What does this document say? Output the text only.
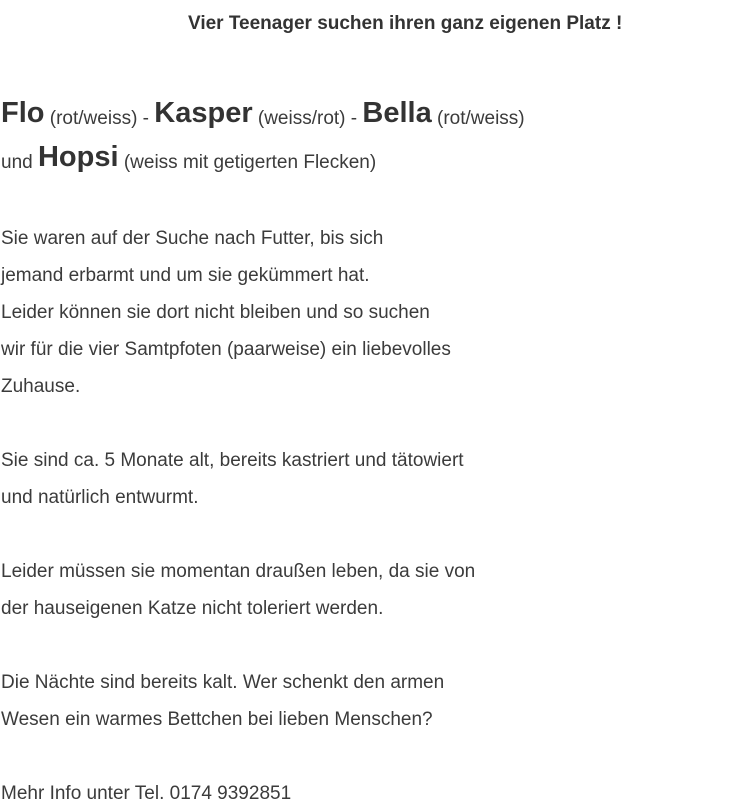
Vier Teenager suchen ihren ganz eigenen Platz !
Flo (rot/weiss) - Kasper (weiss/rot) - Bella (rot/weiss)
und Hopsi (weiss mit getigerten Flecken)
Sie waren auf der Suche nach Futter, bis sich
jemand erbarmt und um sie gekümmert hat.
Leider können sie dort nicht bleiben und so suchen
wir für die vier Samtpfoten (paarweise) ein liebevolles
Zuhause.
Sie sind ca. 5 Monate alt, bereits kastriert und tätowiert
und natürlich entwurmt.
Leider müssen sie momentan draußen leben, da sie von
der hauseigenen Katze nicht toleriert werden.
Die Nächte sind bereits kalt. Wer schenkt den armen
Wesen ein warmes Bettchen bei lieben Menschen?
Mehr Info unter Tel. 0174 9392851
